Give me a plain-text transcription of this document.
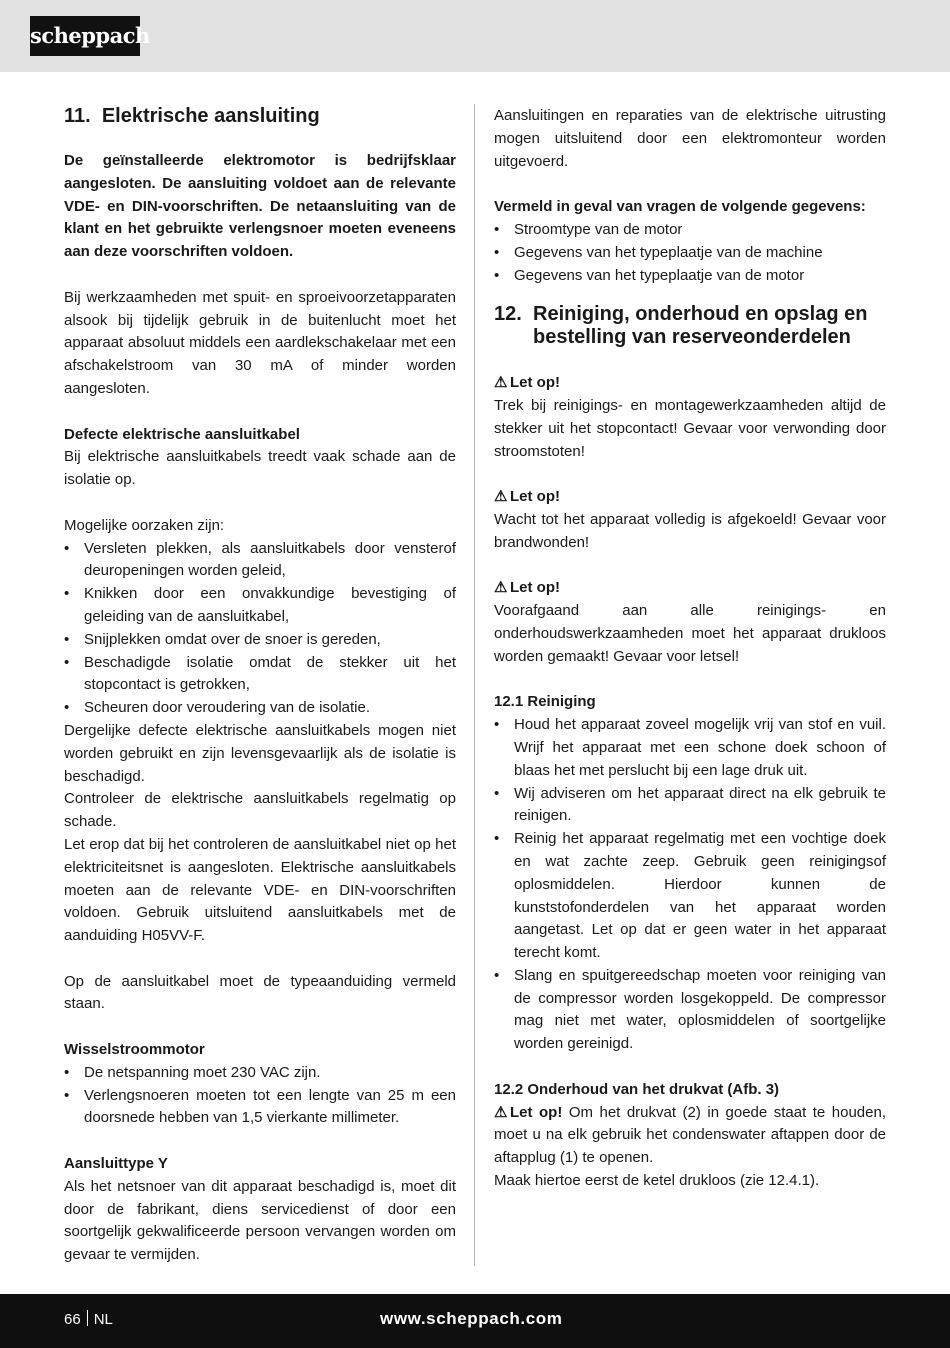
scheppach
11. Elektrische aansluiting

De geïnstalleerde elektromotor is bedrijfsklaar aangesloten. De aansluiting voldoet aan de relevante VDE- en DIN-voorschriften. De netaansluiting van de klant en het gebruikte verlengsnoer moeten eveneens aan deze voorschriften voldoen.

Bij werkzaamheden met spuit- en sproeivoorzetapparaten alsook bij tijdelijk gebruik in de buitenlucht moet het apparaat absoluut middels een aardlekschakelaar met een afschakelstroom van 30 mA of minder worden aangesloten.

Defecte elektrische aansluitkabel

Bij elektrische aansluitkabels treedt vaak schade aan de isolatie op.

Mogelijke oorzaken zijn:

• Versleten plekken, als aansluitkabels door vensterof deuropeningen worden geleid,
• Knikken door een onvakkundige bevestiging of geleiding van de aansluitkabel,
• Snijplekken omdat over de snoer is gereden,
• Beschadigde isolatie omdat de stekker uit het stopcontact is getrokken,
• Scheuren door veroudering van de isolatie.

Dergelijke defecte elektrische aansluitkabels mogen niet worden gebruikt en zijn levensgevaarlijk als de isolatie is beschadigd.

Controleer de elektrische aansluitkabels regelmatig op schade.

Let erop dat bij het controleren de aansluitkabel niet op het elektriciteitsnet is aangesloten. Elektrische aansluitkabels moeten aan de relevante VDE- en DIN-voorschriften voldoen. Gebruik uitsluitend aansluitkabels met de aanduiding H05VV-F.

Op de aansluitkabel moet de typeaanduiding vermeld staan.

Wisselstroommotor

• De netspanning moet 230 VAC zijn.
• Verlengsnoeren moeten tot een lengte van 25 m een doorsnede hebben van 1,5 vierkante millimeter.

Aansluittype Y

Als het netsnoer van dit apparaat beschadigd is, moet dit door de fabrikant, diens servicedienst of door een soortgelijk gekwalificeerde persoon vervangen worden om gevaar te vermijden.

Aansluitingen en reparaties van de elektrische uitrusting mogen uitsluitend door een elektromonteur worden uitgevoerd.

Vermeld in geval van vragen de volgende gegevens:

• Stroomtype van de motor
• Gegevens van het typeplaatje van de machine
• Gegevens van het typeplaatje van de motor
12. Reiniging, onderhoud en opslag en bestelling van reserveonderdelen

⚠ Let op!

Trek bij reinigings- en montagewerkzaamheden altijd de stekker uit het stopcontact! Gevaar voor verwonding door stroomstoten!

⚠ Let op!

Wacht tot het apparaat volledig is afgekoeld! Gevaar voor brandwonden!

⚠ Let op!

Voorafgaand aan alle reinigings- en onderhoudswerkzaamheden moet het apparaat drukloos worden gemaakt! Gevaar voor letsel!

12.1 Reiniging

• Houd het apparaat zoveel mogelijk vrij van stof en vuil. Wrijf het apparaat met een schone doek schoon of blaas het met perslucht bij een lage druk uit.
• Wij adviseren om het apparaat direct na elk gebruik te reinigen.
• Reinig het apparaat regelmatig met een vochtige doek en wat zachte zeep. Gebruik geen reinigingsof oplosmiddelen. Hierdoor kunnen de kunststofonderdelen van het apparaat worden aangetast. Let op dat er geen water in het apparaat terecht komt.
• Slang en spuitgereedschap moeten voor reiniging van de compressor worden losgekoppeld. De compressor mag niet met water, oplosmiddelen of soortgelijke worden gereinigd.

12.2 Onderhoud van het drukvat (Afb. 3)

⚠ Let op! Om het drukvat (2) in goede staat te houden, moet u na elk gebruik het condenswater aftappen door de aftapplug (1) te openen.

Maak hiertoe eerst de ketel drukloos (zie 12.4.1).

66 NL	www.scheppach.com
